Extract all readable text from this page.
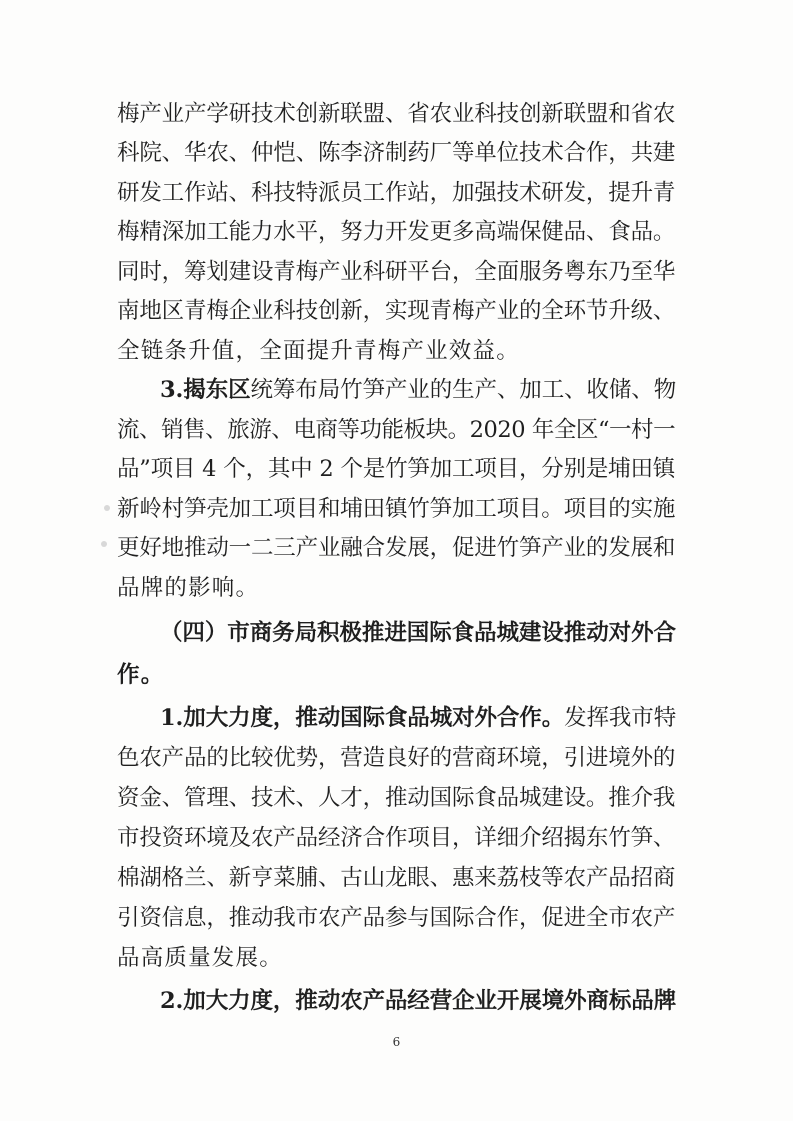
梅产业产学研技术创新联盟、省农业科技创新联盟和省农
科院、华农、仲恺、陈李济制药厂等单位技术合作，共建
研发工作站、科技特派员工作站，加强技术研发，提升青
梅精深加工能力水平，努力开发更多高端保健品、食品。
同时，筹划建设青梅产业科研平台，全面服务粤东乃至华
南地区青梅企业科技创新，实现青梅产业的全环节升级、
全链条升值，全面提升青梅产业效益。
3.揭东区统筹布局竹笋产业的生产、加工、收储、物
流、销售、旅游、电商等功能板块。2020 年全区“一村一
品”项目 4 个，其中 2 个是竹笋加工项目，分别是埔田镇
新岭村笋壳加工项目和埔田镇竹笋加工项目。项目的实施
更好地推动一二三产业融合发展，促进竹笋产业的发展和
品牌的影响。
（四）市商务局积极推进国际食品城建设推动对外合
作。
1.加大力度，推动国际食品城对外合作。发挥我市特
色农产品的比较优势，营造良好的营商环境，引进境外的
资金、管理、技术、人才，推动国际食品城建设。推介我
市投资环境及农产品经济合作项目，详细介绍揭东竹笋、
棉湖格兰、新亨菜脯、古山龙眼、惠来荔枝等农产品招商
引资信息，推动我市农产品参与国际合作，促进全市农产
品高质量发展。
2.加大力度，推动农产品经营企业开展境外商标品牌
6
